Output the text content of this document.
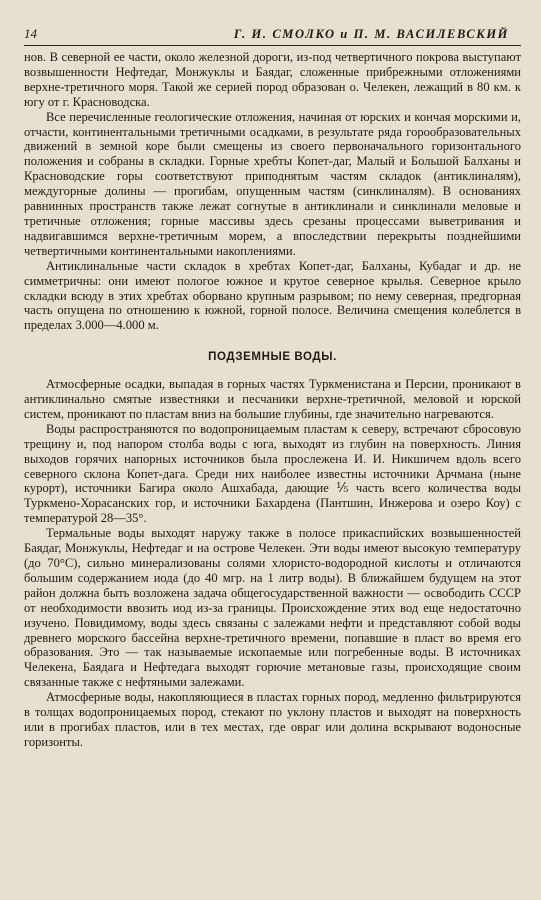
14	Г. И. СМОЛКО и П. М. ВАСИЛЕВСКИЙ

нов. В северной ее части, около железной дороги, из-под четвертичного покрова выступают возвышенности Нефтедаг, Монжуклы и Баядаг, сложенные прибрежными отложениями верхне-третичного моря. Такой же серией пород образован о. Челекен, лежащий в 80 км. к югу от г. Красноводска.

Все перечисленные геологические отложения, начиная от юрских и кончая морскими и, отчасти, континентальными третичными осадками, в результате ряда горообразовательных движений в земной коре были смещены из своего первоначального горизонтального положения и собраны в складки. Горные хребты Копет-даг, Малый и Большой Балханы и Красноводские горы соответствуют приподнятым частям складок (антиклиналям), междугорные долины — прогибам, опущенным частям (синклиналям). В основаниях равнинных пространств также лежат согнутые в антиклинали и синклинали меловые и третичные отложения; горные массивы здесь срезаны процессами выветривания и надвигавшимся верхне-третичным морем, а впоследствии перекрыты позднейшими четвертичными континентальными накоплениями.

Антиклинальные части складок в хребтах Копет-даг, Балханы, Кубадаг и др. не симметричны: они имеют пологое южное и крутое северное крылья. Северное крыло складки всюду в этих хребтах оборвано крупным разрывом; по нему северная, предгорная часть опущена по отношению к южной, горной полосе. Величина смещения колеблется в пределах 3.000—4.000 м.

ПОДЗЕМНЫЕ ВОДЫ.

Атмосферные осадки, выпадая в горных частях Туркменистана и Персии, проникают в антиклинально смятые известняки и песчаники верхне-третичной, меловой и юрской систем, проникают по пластам вниз на большие глубины, где значительно нагреваются.

Воды распространяются по водопроницаемым пластам к северу, встречают сбросовую трещину и, под напором столба воды с юга, выходят из глубин на поверхность. Линия выходов горячих напорных источников была прослежена И. И. Никшичем вдоль всего северного склона Копет-дага. Среди них наиболее известны источники Арчмана (ныне курорт), источники Багира около Ашхабада, дающие ⅕ часть всего количества воды Туркмено-Хорасанских гор, и источники Бахардена (Пантшин, Инжерова и озеро Коу) с температурой 28—35°.

Термальные воды выходят наружу также в полосе прикаспийских возвышенностей Баядаг, Монжуклы, Нефтедаг и на острове Челекен. Эти воды имеют высокую температуру (до 70°C), сильно минерализованы солями хлористо-водородной кислоты и отличаются большим содержанием иода (до 40 мгр. на 1 литр воды). В ближайшем будущем на этот район должна быть возложена задача общегосударственной важности — освободить СССР от необходимости ввозить иод из-за границы. Происхождение этих вод еще недостаточно изучено. Повидимому, воды здесь связаны с залежами нефти и представляют собой воды древнего морского бассейна верхне-третичного времени, попавшие в пласт во время его образования. Это — так называемые ископаемые или погребенные воды. В источниках Челекена, Баядага и Нефтедага выходят горючие метановые газы, происходящие своим связанные также с нефтяными залежами.

Атмосферные воды, накопляющиеся в пластах горных пород, медленно фильтрируются в толщах водопроницаемых пород, стекают по уклону пластов и выходят на поверхность или в прогибах пластов, или в тех местах, где овраг или долина вскрывают водоносные горизонты.
